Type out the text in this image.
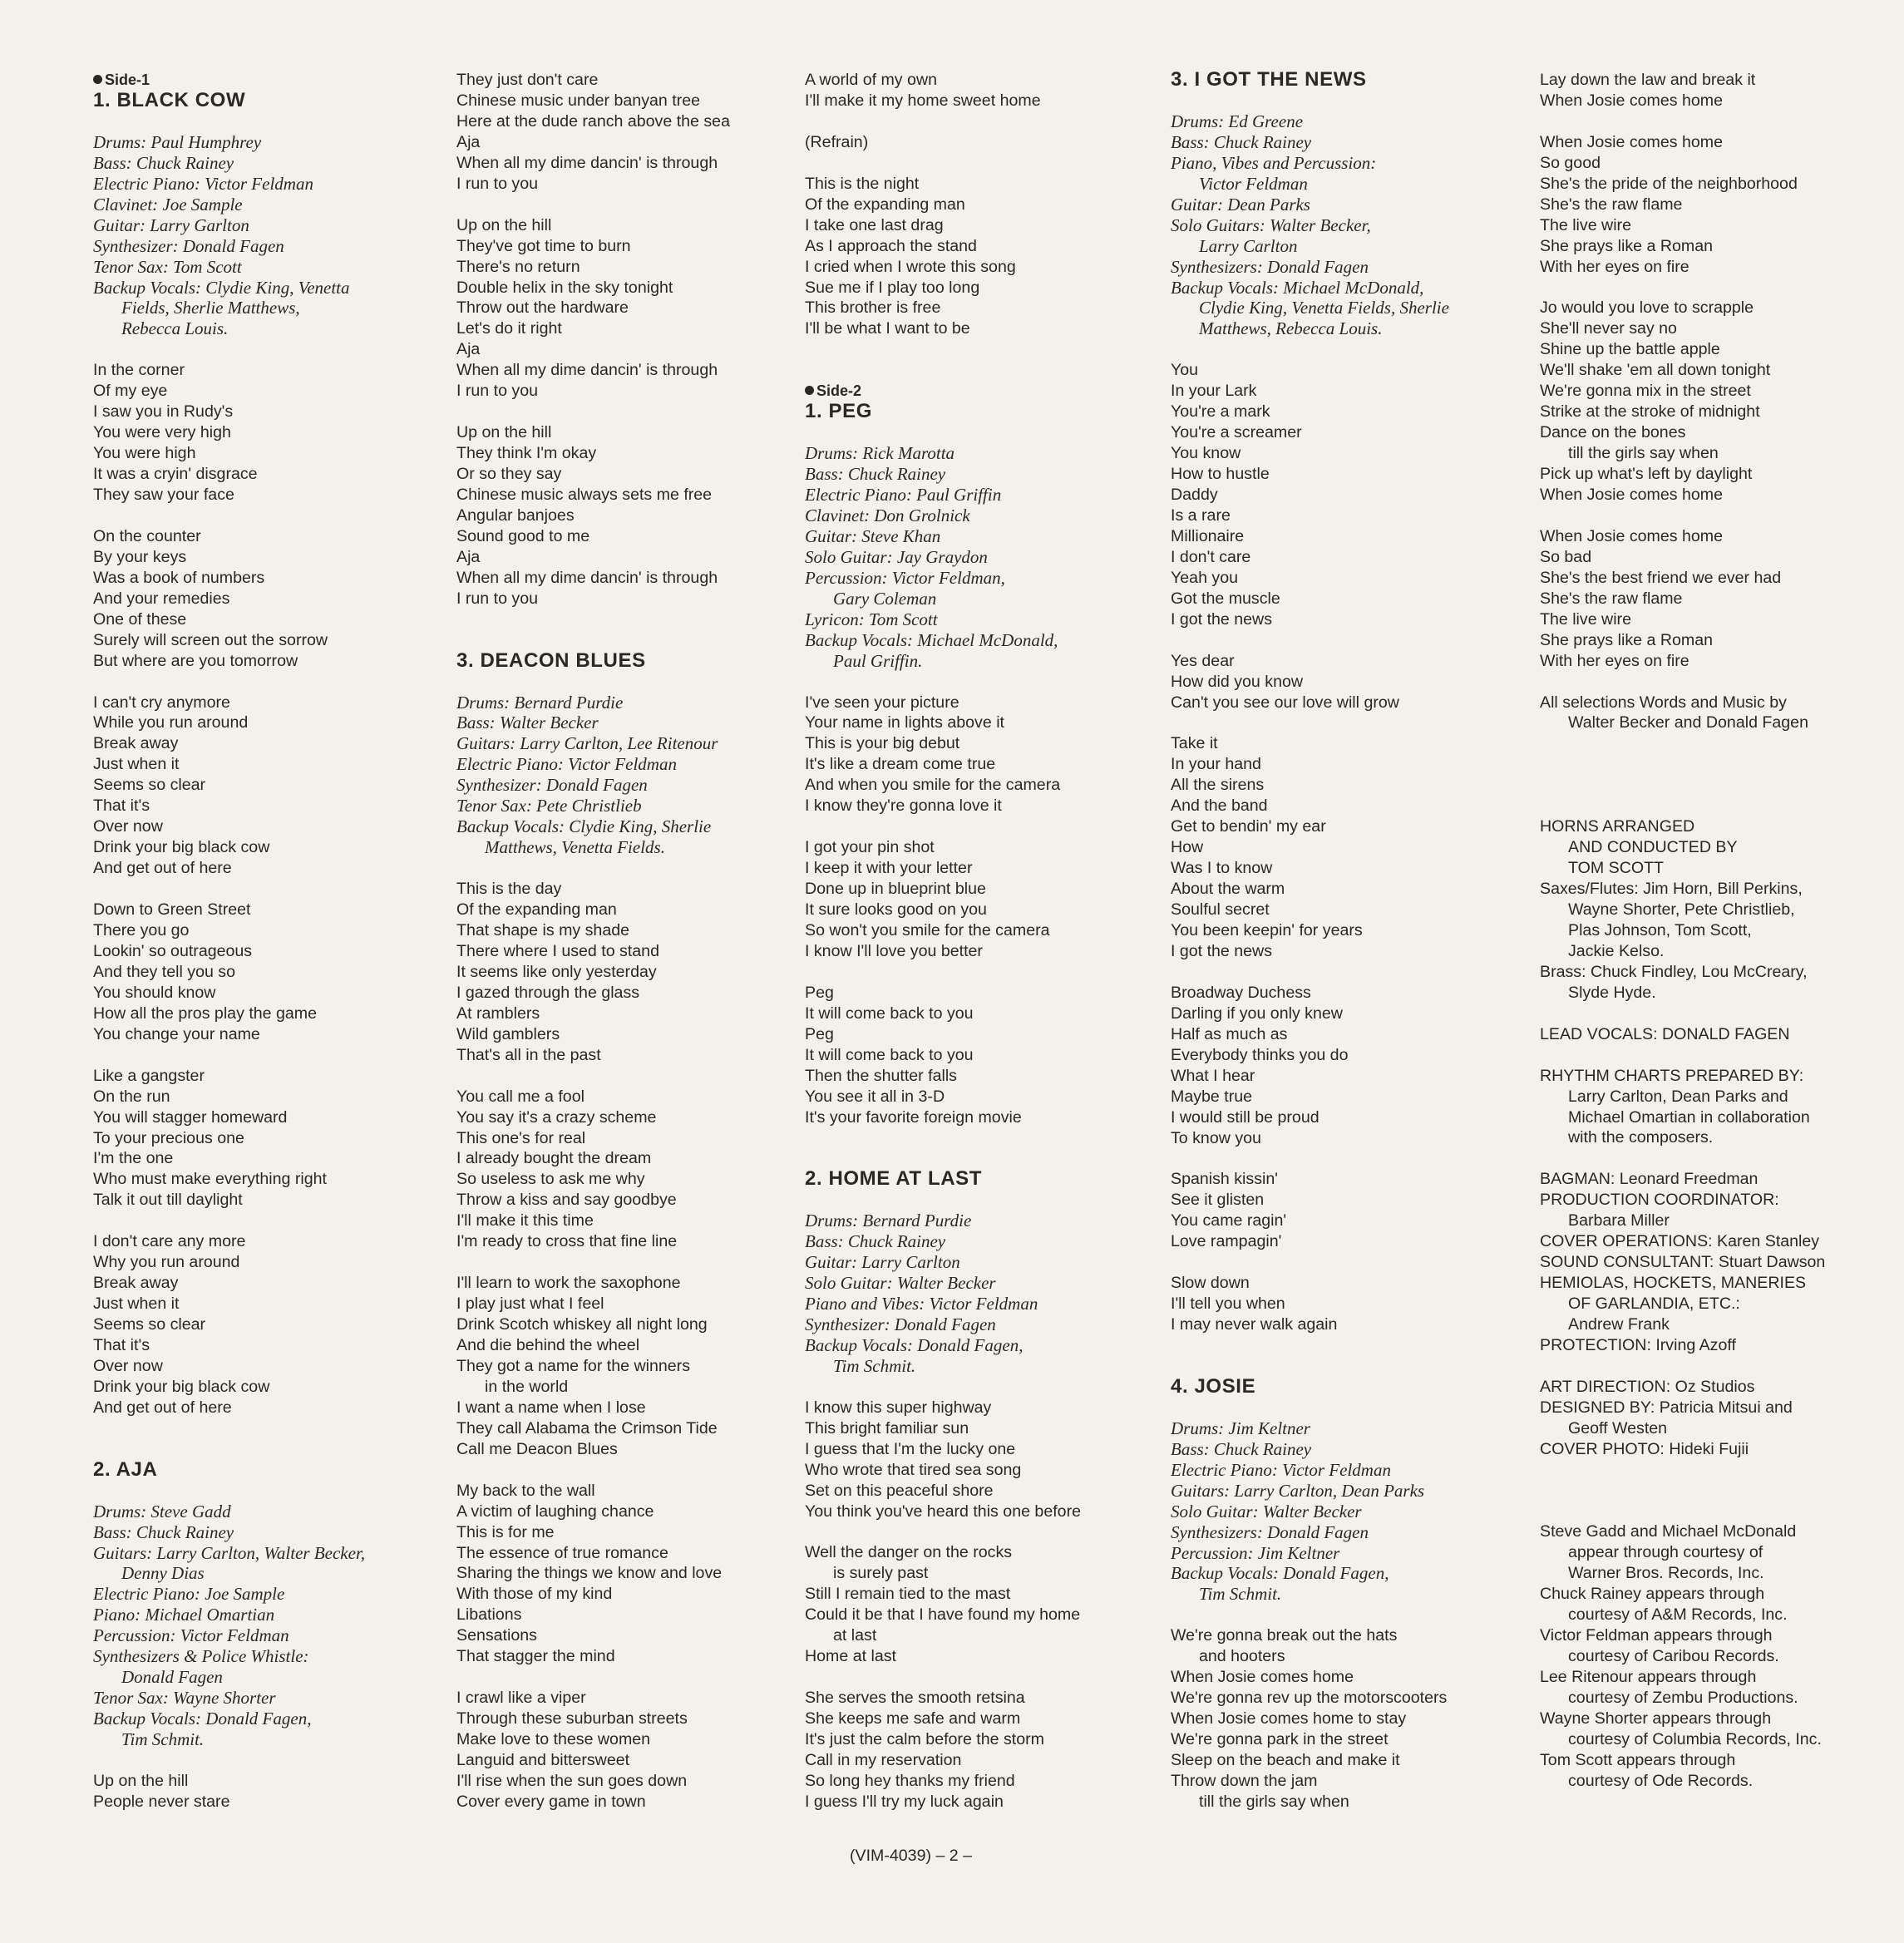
Side-1
1. BLACK COW
Drums: Paul Humphrey
Bass: Chuck Rainey
Electric Piano: Victor Feldman
Clavinet: Joe Sample
Guitar: Larry Garlton
Synthesizer: Donald Fagen
Tenor Sax: Tom Scott
Backup Vocals: Clydie King, Venetta
Fields, Sherlie Matthews,
Rebecca Louis.
In the corner
Of my eye
I saw you in Rudy's
You were very high
You were high
It was a cryin' disgrace
They saw your face
On the counter
By your keys
Was a book of numbers
And your remedies
One of these
Surely will screen out the sorrow
But where are you tomorrow
I can't cry anymore
While you run around
Break away
Just when it
Seems so clear
That it's
Over now
Drink your big black cow
And get out of here
Down to Green Street
There you go
Lookin' so outrageous
And they tell you so
You should know
How all the pros play the game
You change your name
Like a gangster
On the run
You will stagger homeward
To your precious one
I'm the one
Who must make everything right
Talk it out till daylight
I don't care any more
Why you run around
Break away
Just when it
Seems so clear
That it's
Over now
Drink your big black cow
And get out of here
2. AJA
Drums: Steve Gadd
Bass: Chuck Rainey
Guitars: Larry Carlton, Walter Becker,
Denny Dias
Electric Piano: Joe Sample
Piano: Michael Omartian
Percussion: Victor Feldman
Synthesizers & Police Whistle:
Donald Fagen
Tenor Sax: Wayne Shorter
Backup Vocals: Donald Fagen,
Tim Schmit.
Up on the hill
People never stare
They just don't care
Chinese music under banyan tree
Here at the dude ranch above the sea
Aja
When all my dime dancin' is through
I run to you
Up on the hill
They've got time to burn
There's no return
Double helix in the sky tonight
Throw out the hardware
Let's do it right
Aja
When all my dime dancin' is through
I run to you
Up on the hill
They think I'm okay
Or so they say
Chinese music always sets me free
Angular banjoes
Sound good to me
Aja
When all my dime dancin' is through
I run to you
3. DEACON BLUES
Drums: Bernard Purdie
Bass: Walter Becker
Guitars: Larry Carlton, Lee Ritenour
Electric Piano: Victor Feldman
Synthesizer: Donald Fagen
Tenor Sax: Pete Christlieb
Backup Vocals: Clydie King, Sherlie
Matthews, Venetta Fields.
This is the day
Of the expanding man
That shape is my shade
There where I used to stand
It seems like only yesterday
I gazed through the glass
At ramblers
Wild gamblers
That's all in the past
You call me a fool
You say it's a crazy scheme
This one's for real
I already bought the dream
So useless to ask me why
Throw a kiss and say goodbye
I'll make it this time
I'm ready to cross that fine line
I'll learn to work the saxophone
I play just what I feel
Drink Scotch whiskey all night long
And die behind the wheel
They got a name for the winners
in the world
I want a name when I lose
They call Alabama the Crimson Tide
Call me Deacon Blues
My back to the wall
A victim of laughing chance
This is for me
The essence of true romance
Sharing the things we know and love
With those of my kind
Libations
Sensations
That stagger the mind
I crawl like a viper
Through these suburban streets
Make love to these women
Languid and bittersweet
I'll rise when the sun goes down
Cover every game in town
A world of my own
I'll make it my home sweet home
(Refrain)
This is the night
Of the expanding man
I take one last drag
As I approach the stand
I cried when I wrote this song
Sue me if I play too long
This brother is free
I'll be what I want to be
Side-2
1. PEG
Drums: Rick Marotta
Bass: Chuck Rainey
Electric Piano: Paul Griffin
Clavinet: Don Grolnick
Guitar: Steve Khan
Solo Guitar: Jay Graydon
Percussion: Victor Feldman,
Gary Coleman
Lyricon: Tom Scott
Backup Vocals: Michael McDonald,
Paul Griffin.
I've seen your picture
Your name in lights above it
This is your big debut
It's like a dream come true
And when you smile for the camera
I know they're gonna love it
I got your pin shot
I keep it with your letter
Done up in blueprint blue
It sure looks good on you
So won't you smile for the camera
I know I'll love you better
Peg
It will come back to you
Peg
It will come back to you
Then the shutter falls
You see it all in 3-D
It's your favorite foreign movie
2. HOME AT LAST
Drums: Bernard Purdie
Bass: Chuck Rainey
Guitar: Larry Carlton
Solo Guitar: Walter Becker
Piano and Vibes: Victor Feldman
Synthesizer: Donald Fagen
Backup Vocals: Donald Fagen,
Tim Schmit.
I know this super highway
This bright familiar sun
I guess that I'm the lucky one
Who wrote that tired sea song
Set on this peaceful shore
You think you've heard this one before
Well the danger on the rocks
is surely past
Still I remain tied to the mast
Could it be that I have found my home
at last
Home at last
She serves the smooth retsina
She keeps me safe and warm
It's just the calm before the storm
Call in my reservation
So long hey thanks my friend
I guess I'll try my luck again
3. I GOT THE NEWS
Drums: Ed Greene
Bass: Chuck Rainey
Piano, Vibes and Percussion:
Victor Feldman
Guitar: Dean Parks
Solo Guitars: Walter Becker,
Larry Carlton
Synthesizers: Donald Fagen
Backup Vocals: Michael McDonald,
Clydie King, Venetta Fields, Sherlie
Matthews, Rebecca Louis.
You
In your Lark
You're a mark
You're a screamer
You know
How to hustle
Daddy
Is a rare
Millionaire
I don't care
Yeah you
Got the muscle
I got the news
Yes dear
How did you know
Can't you see our love will grow
Take it
In your hand
All the sirens
And the band
Get to bendin' my ear
How
Was I to know
About the warm
Soulful secret
You been keepin' for years
I got the news
Broadway Duchess
Darling if you only knew
Half as much as
Everybody thinks you do
What I hear
Maybe true
I would still be proud
To know you
Spanish kissin'
See it glisten
You came ragin'
Love rampagin'
Slow down
I'll tell you when
I may never walk again
4. JOSIE
Drums: Jim Keltner
Bass: Chuck Rainey
Electric Piano: Victor Feldman
Guitars: Larry Carlton, Dean Parks
Solo Guitar: Walter Becker
Synthesizers: Donald Fagen
Percussion: Jim Keltner
Backup Vocals: Donald Fagen,
Tim Schmit.
We're gonna break out the hats
and hooters
When Josie comes home
We're gonna rev up the motorscooters
When Josie comes home to stay
We're gonna park in the street
Sleep on the beach and make it
Throw down the jam
till the girls say when
Lay down the law and break it
When Josie comes home
When Josie comes home
So good
She's the pride of the neighborhood
She's the raw flame
The live wire
She prays like a Roman
With her eyes on fire
Jo would you love to scrapple
She'll never say no
Shine up the battle apple
We'll shake 'em all down tonight
We're gonna mix in the street
Strike at the stroke of midnight
Dance on the bones
till the girls say when
Pick up what's left by daylight
When Josie comes home
When Josie comes home
So bad
She's the best friend we ever had
She's the raw flame
The live wire
She prays like a Roman
With her eyes on fire
All selections Words and Music by
Walter Becker and Donald Fagen
HORNS ARRANGED
AND CONDUCTED BY
TOM SCOTT
Saxes/Flutes: Jim Horn, Bill Perkins,
Wayne Shorter, Pete Christlieb,
Plas Johnson, Tom Scott,
Jackie Kelso.
Brass: Chuck Findley, Lou McCreary,
Slyde Hyde.
LEAD VOCALS: DONALD FAGEN
RHYTHM CHARTS PREPARED BY:
Larry Carlton, Dean Parks and
Michael Omartian in collaboration
with the composers.
BAGMAN: Leonard Freedman
PRODUCTION COORDINATOR:
Barbara Miller
COVER OPERATIONS: Karen Stanley
SOUND CONSULTANT: Stuart Dawson
HEMIOLAS, HOCKETS, MANERIES
OF GARLANDIA, ETC.:
Andrew Frank
PROTECTION: Irving Azoff
ART DIRECTION: Oz Studios
DESIGNED BY: Patricia Mitsui and
Geoff Westen
COVER PHOTO: Hideki Fujii
Steve Gadd and Michael McDonald
appear through courtesy of
Warner Bros. Records, Inc.
Chuck Rainey appears through
courtesy of A&M Records, Inc.
Victor Feldman appears through
courtesy of Caribou Records.
Lee Ritenour appears through
courtesy of Zembu Productions.
Wayne Shorter appears through
courtesy of Columbia Records, Inc.
Tom Scott appears through
courtesy of Ode Records.
(VIM-4039) – 2 –
